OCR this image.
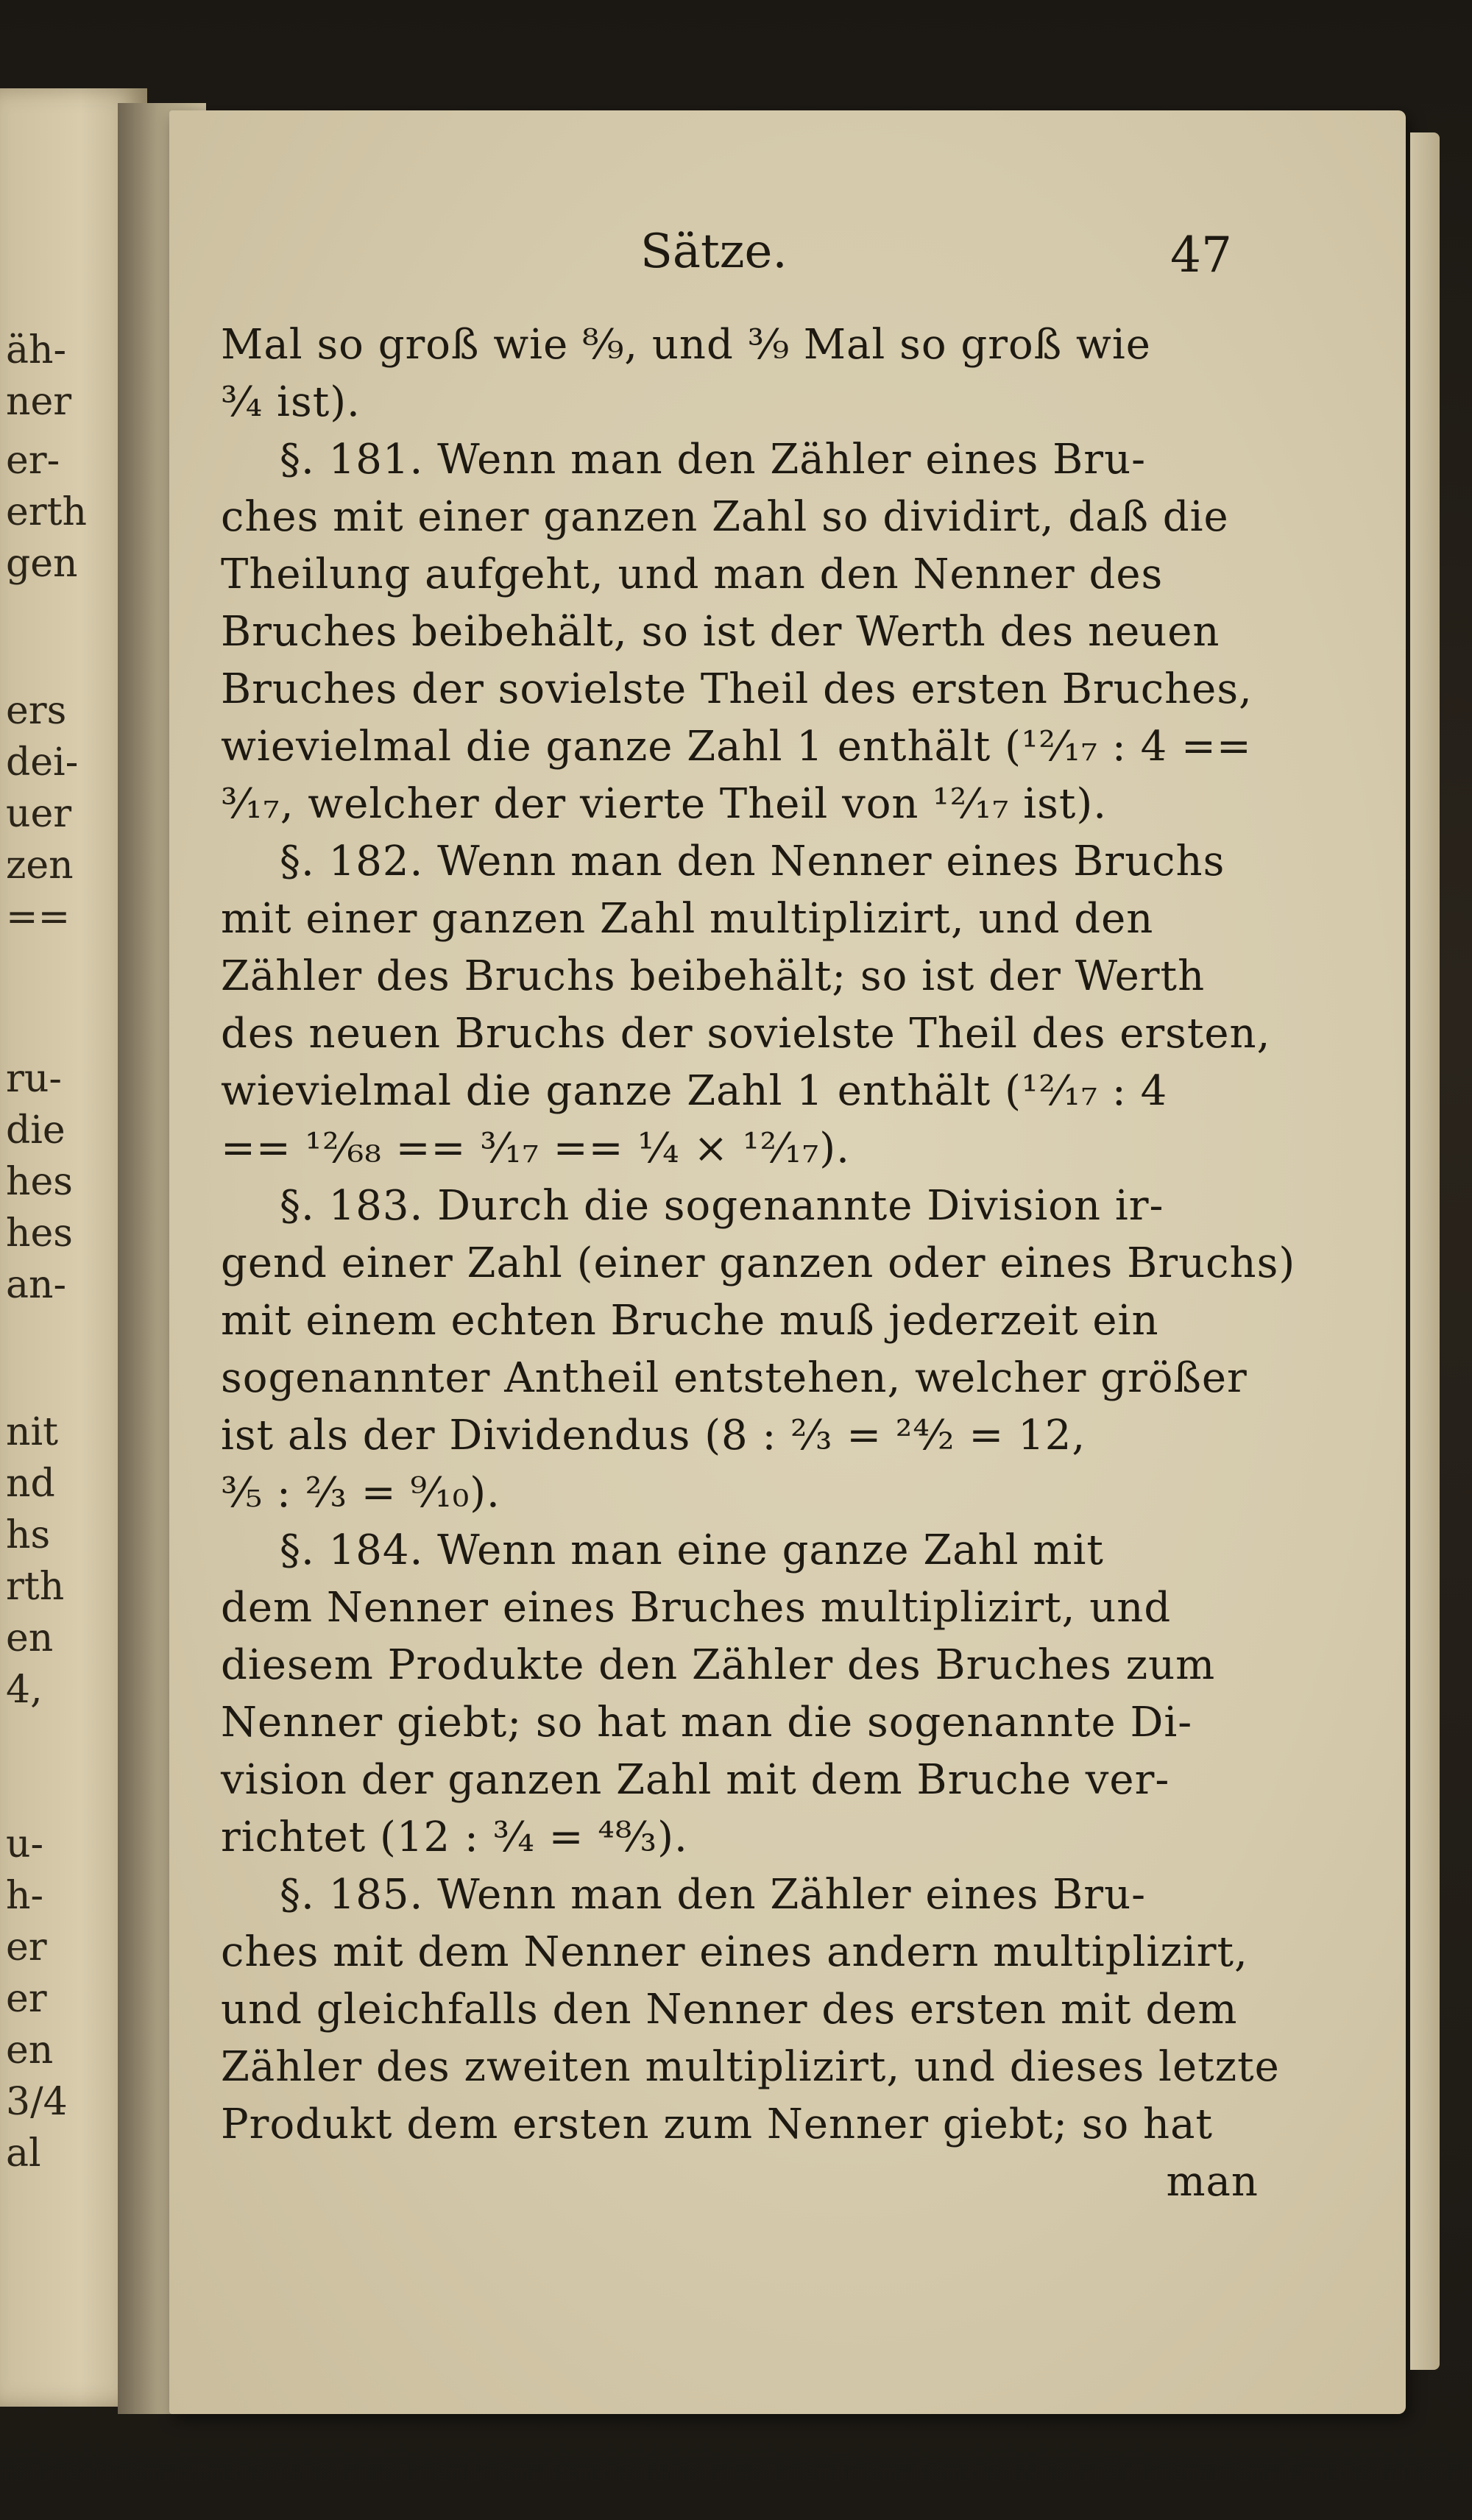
äh-
ner
er-
erth
gen
ers
dei-
uer
zen
==
ru-
die
hes
hes
an-
nit
nd
hs
rth
en
4,
u-
h-
er
er
en
3/4
al
Sätze.	47
Mal so groß wie ⁸⁄₉, und ³⁄₉ Mal so groß wie
³⁄₄ ist).
§. 181. Wenn man den Zähler eines Bru-
ches mit einer ganzen Zahl so dividirt, daß die
Theilung aufgeht, und man den Nenner des
Bruches beibehält, so ist der Werth des neuen
Bruches der sovielste Theil des ersten Bruches,
wievielmal die ganze Zahl 1 enthält (¹²⁄₁₇ : 4 ==
³⁄₁₇, welcher der vierte Theil von ¹²⁄₁₇ ist).
§. 182. Wenn man den Nenner eines Bruchs
mit einer ganzen Zahl multiplizirt, und den
Zähler des Bruchs beibehält; so ist der Werth
des neuen Bruchs der sovielste Theil des ersten,
wievielmal die ganze Zahl 1 enthält (¹²⁄₁₇ : 4
== ¹²⁄₆₈ == ³⁄₁₇ == ¹⁄₄ × ¹²⁄₁₇).
§. 183. Durch die sogenannte Division ir-
gend einer Zahl (einer ganzen oder eines Bruchs)
mit einem echten Bruche muß jederzeit ein
sogenannter Antheil entstehen, welcher größer
ist als der Dividendus (8 : ²⁄₃ = ²⁴⁄₂ = 12,
³⁄₅ : ²⁄₃ = ⁹⁄₁₀).
§. 184. Wenn man eine ganze Zahl mit
dem Nenner eines Bruches multiplizirt, und
diesem Produkte den Zähler des Bruches zum
Nenner giebt; so hat man die sogenannte Di-
vision der ganzen Zahl mit dem Bruche ver-
richtet (12 : ³⁄₄ = ⁴⁸⁄₃).
§. 185. Wenn man den Zähler eines Bru-
ches mit dem Nenner eines andern multiplizirt,
und gleichfalls den Nenner des ersten mit dem
Zähler des zweiten multiplizirt, und dieses letzte
Produkt dem ersten zum Nenner giebt; so hat
man
